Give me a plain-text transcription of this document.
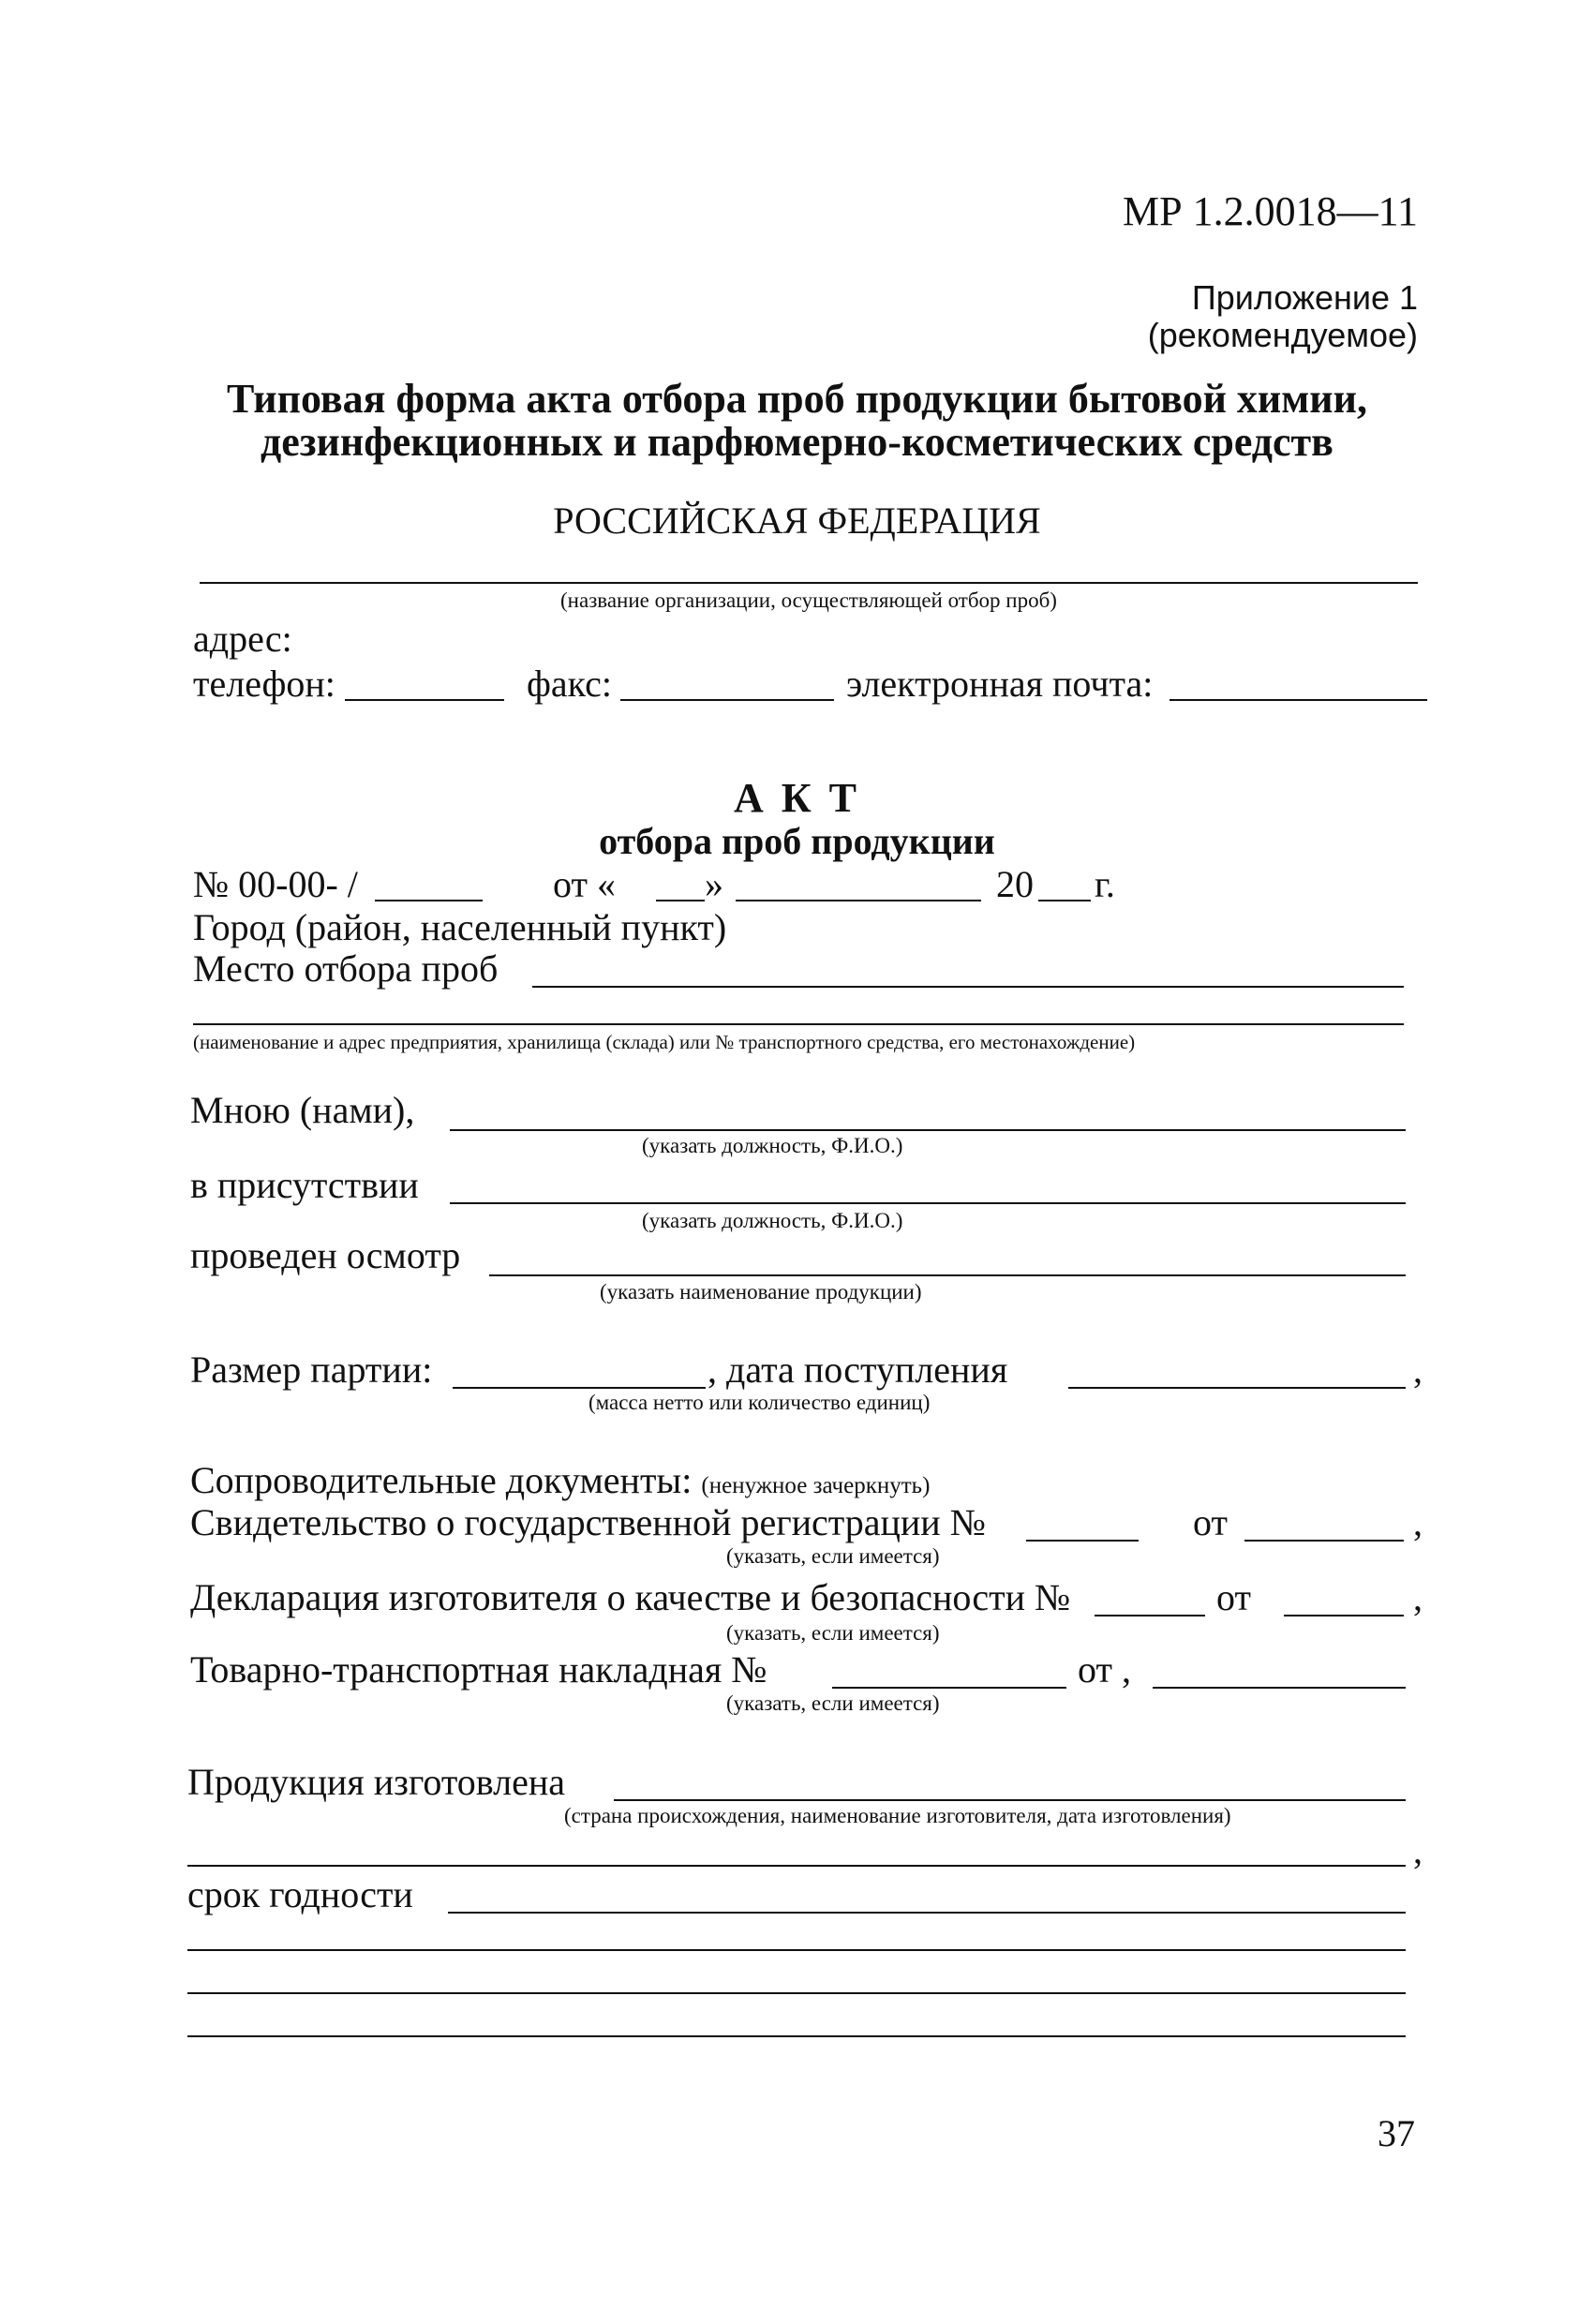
МР 1.2.0018—11
Приложение 1
(рекомендуемое)
Типовая форма акта отбора проб продукции бытовой химии,
дезинфекционных и парфюмерно-косметических средств
РОССИЙСКАЯ ФЕДЕРАЦИЯ
(название организации, осуществляющей отбор проб)
адрес:
телефон:	факс:	электронная почта:
А К Т
отбора проб продукции
№ 00-00- /	от « »	20 г.
Город (район, населенный пункт)
Место отбора проб
(наименование и адрес предприятия, хранилища (склада) или № транспортного средства, его местонахождение)
Мною (нами),
(указать должность, Ф.И.О.)
в присутствии
(указать должность, Ф.И.О.)
проведен осмотр
(указать наименование продукции)
Размер партии:	, дата поступления	,
(масса нетто или количество единиц)
Сопроводительные документы: (ненужное зачеркнуть)
Свидетельство о государственной регистрации №	от	,
(указать, если имеется)
Декларация изготовителя о качестве и безопасности №	от	,
(указать, если имеется)
Товарно-транспортная накладная №	от ,
(указать, если имеется)
Продукция изготовлена
(страна происхождения, наименование изготовителя, дата изготовления)
,
срок годности
37
